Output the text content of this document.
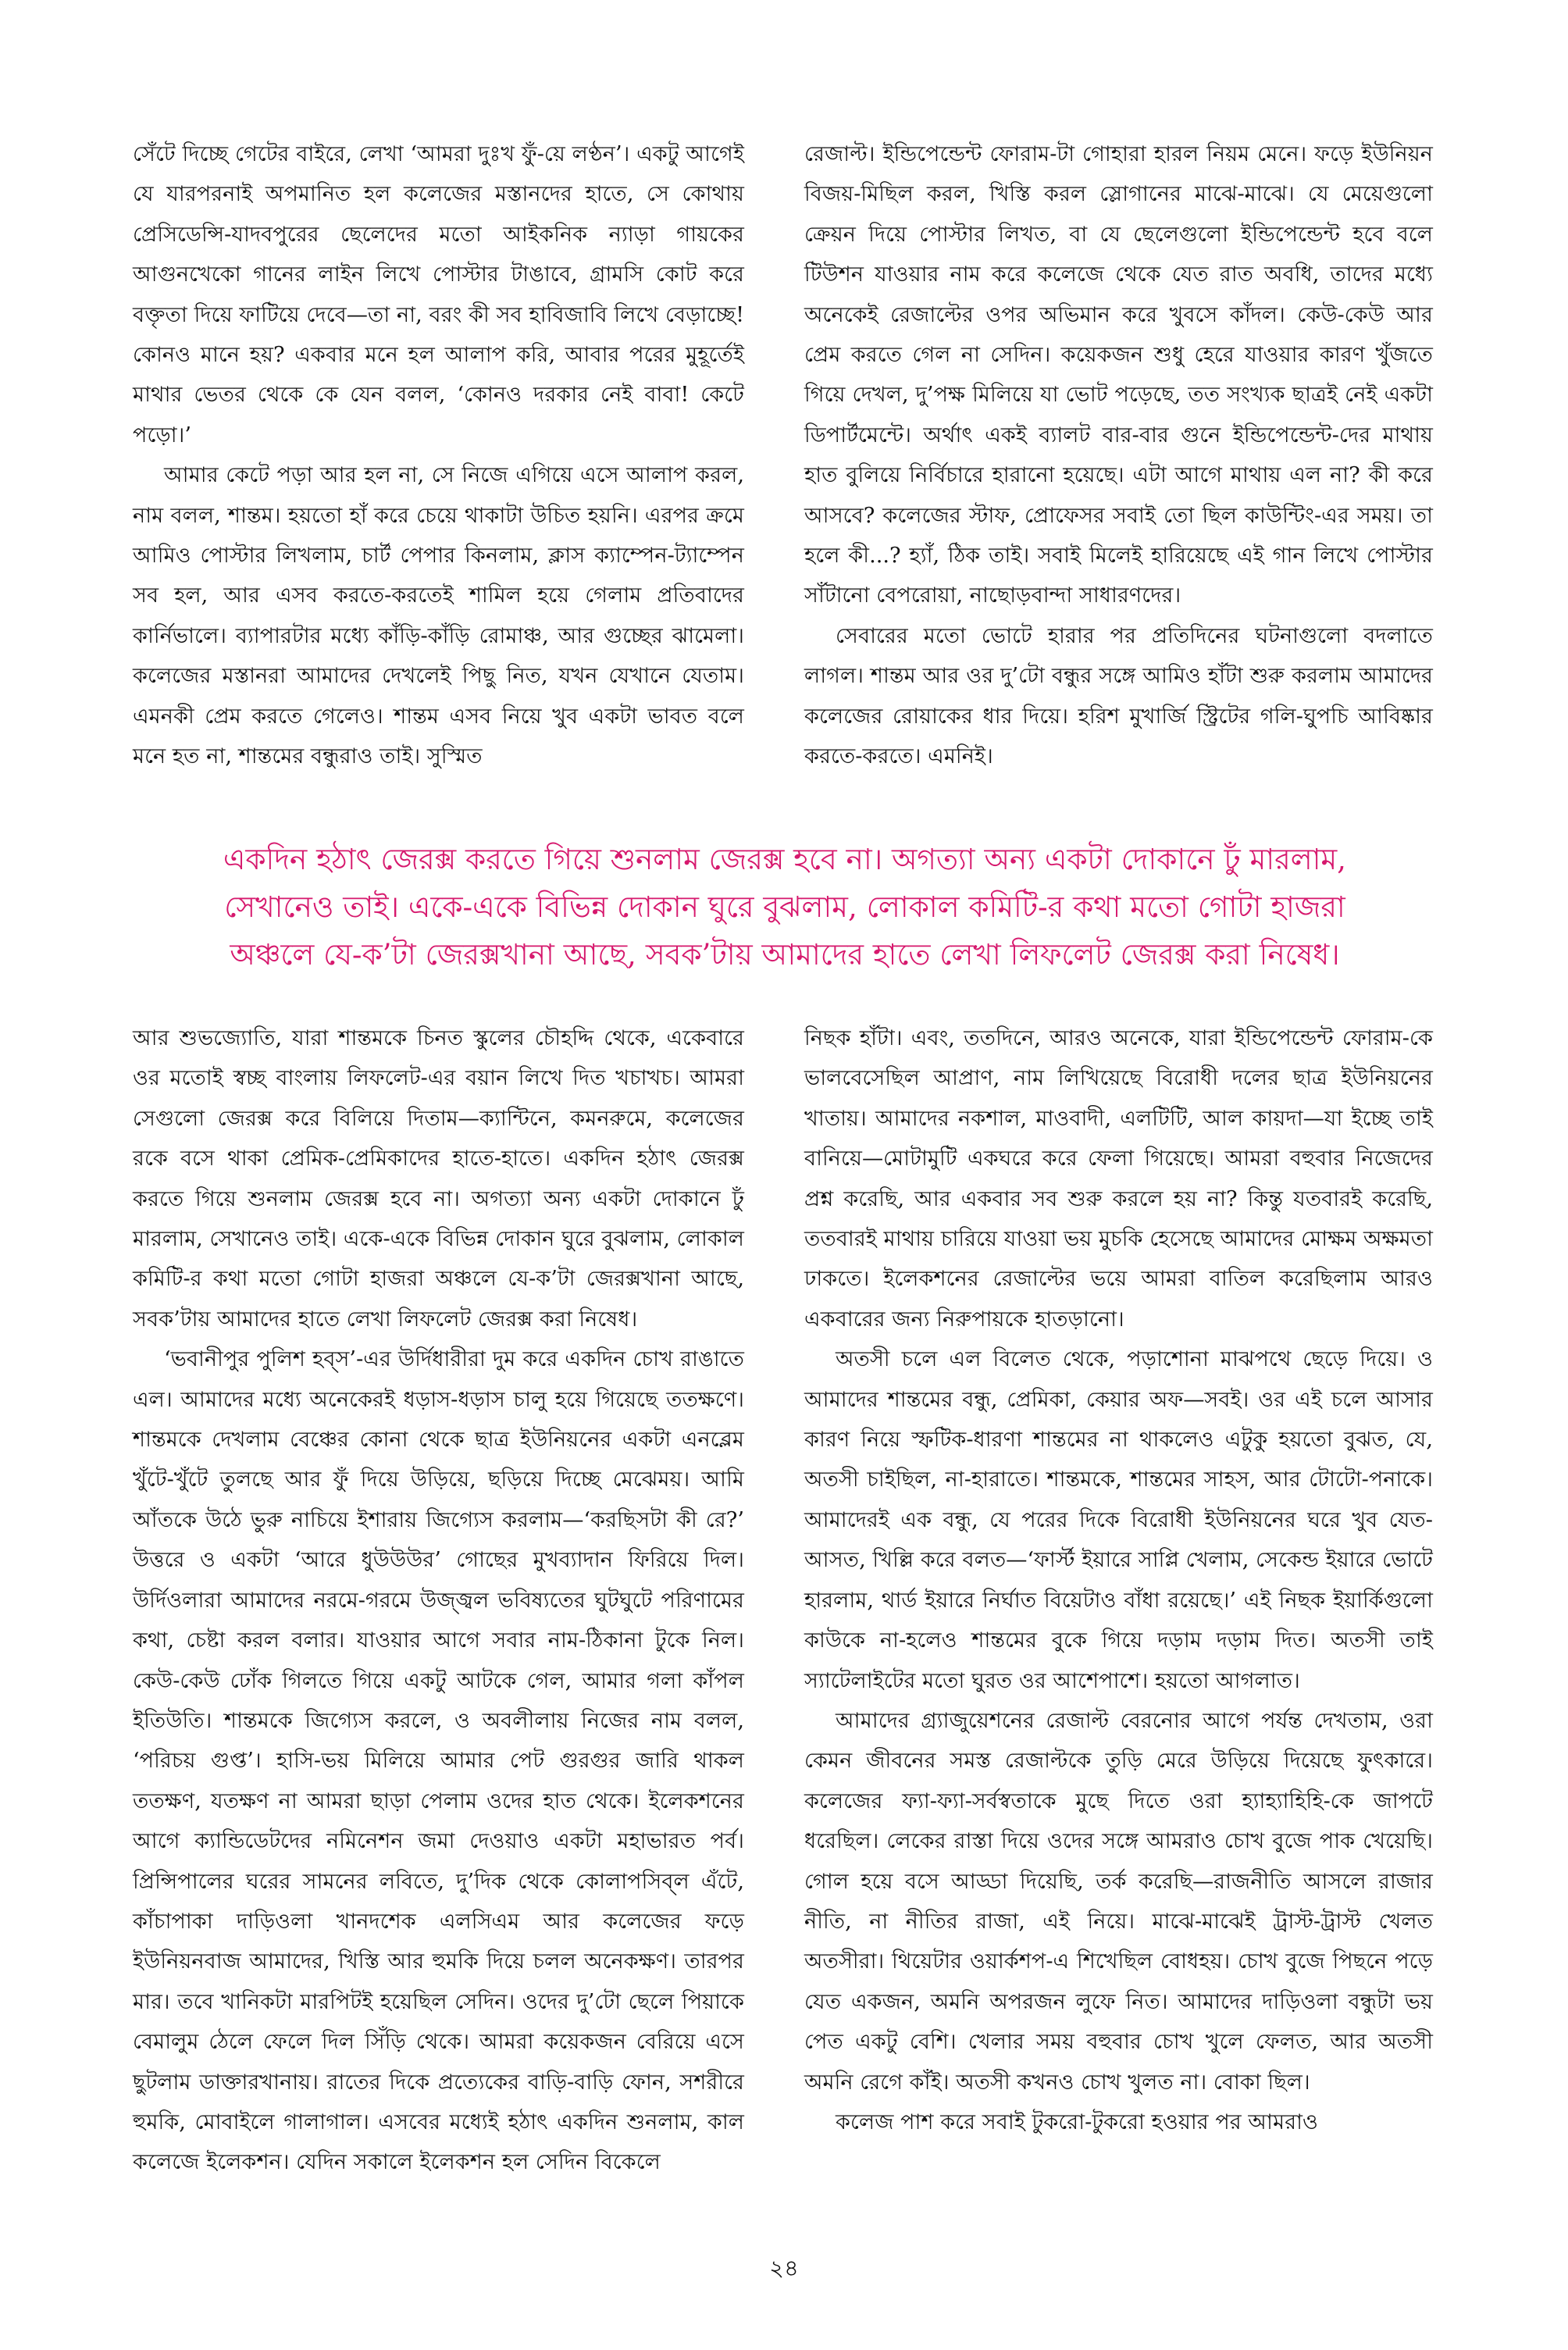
সেঁটে দিচ্ছে গেটের বাইরে, লেখা ‘আমরা দুঃখ ফুঁ-য়ে লণ্ঠন’। একটু আগেই যে যারপরনাই অপমানিত হল কলেজের মস্তানদের হাতে, সে কোথায় প্রেসিডেন্সি-যাদবপুরের ছেলেদের মতো আইকনিক ন্যাড়া গায়কের আগুনখেকো গানের লাইন লিখে পোস্টার টাঙাবে, গ্রামসি কোট করে বক্তৃতা দিয়ে ফাটিয়ে দেবে—তা না, বরং কী সব হাবিজাবি লিখে বেড়াচ্ছে! কোনও মানে হয়? একবার মনে হল আলাপ করি, আবার পরের মুহূর্তেই মাথার ভেতর থেকে কে যেন বলল, ‘কোনও দরকার নেই বাবা! কেটে পড়ো।’

আমার কেটে পড়া আর হল না, সে নিজে এগিয়ে এসে আলাপ করল, নাম বলল, শান্তম। হয়তো হাঁ করে চেয়ে থাকাটা উচিত হয়নি। এরপর ক্রমে আমিও পোস্টার লিখলাম, চার্ট পেপার কিনলাম, ক্লাস ক্যাম্পেন-ট্যাম্পেন সব হল, আর এসব করতে-করতেই শামিল হয়ে গেলাম প্রতিবাদের কার্নিভালে। ব্যাপারটার মধ্যে কাঁড়ি-কাঁড়ি রোমাঞ্চ, আর গুচ্ছের ঝামেলা। কলেজের মস্তানরা আমাদের দেখলেই পিছু নিত, যখন যেখানে যেতাম। এমনকী প্রেম করতে গেলেও। শান্তম এসব নিয়ে খুব একটা ভাবত বলে মনে হত না, শান্তমের বন্ধুরাও তাই। সুস্মিত

রেজাল্ট। ইন্ডিপেন্ডেন্ট ফোরাম-টা গোহারা হারল নিয়ম মেনে। ফড়ে ইউনিয়ন বিজয়-মিছিল করল, খিস্তি করল স্লোগানের মাঝে-মাঝে। যে মেয়েগুলো ক্রেয়ন দিয়ে পোস্টার লিখত, বা যে ছেলেগুলো ইন্ডিপেন্ডেন্ট হবে বলে টিউশন যাওয়ার নাম করে কলেজে থেকে যেত রাত অবধি, তাদের মধ্যে অনেকেই রেজাল্টের ওপর অভিমান করে খুবসে কাঁদল। কেউ-কেউ আর প্রেম করতে গেল না সেদিন। কয়েকজন শুধু হেরে যাওয়ার কারণ খুঁজতে গিয়ে দেখল, দু’পক্ষ মিলিয়ে যা ভোট পড়েছে, তত সংখ্যক ছাত্রই নেই একটা ডিপার্টমেন্টে। অর্থাৎ একই ব্যালট বার-বার গুনে ইন্ডিপেন্ডেন্ট-দের মাথায় হাত বুলিয়ে নির্বিচারে হারানো হয়েছে। এটা আগে মাথায় এল না? কী করে আসবে? কলেজের স্টাফ, প্রোফেসর সবাই তো ছিল কাউন্টিং-এর সময়। তা হলে কী...? হ্যাঁ, ঠিক তাই। সবাই মিলেই হারিয়েছে এই গান লিখে পোস্টার সাঁটানো বেপরোয়া, নাছোড়বান্দা সাধারণদের।

সেবারের মতো ভোটে হারার পর প্রতিদিনের ঘটনাগুলো বদলাতে লাগল। শান্তম আর ওর দু’টো বন্ধুর সঙ্গে আমিও হাঁটা শুরু করলাম আমাদের কলেজের রোয়াকের ধার দিয়ে। হরিশ মুখার্জি স্ট্রিটের গলি-ঘুপচি আবিষ্কার করতে-করতে। এমনিই।

একদিন হঠাৎ জেরক্স করতে গিয়ে শুনলাম জেরক্স হবে না। অগত্যা অন্য একটা দোকানে ঢুঁ মারলাম,

সেখানেও তাই। একে-একে বিভিন্ন দোকান ঘুরে বুঝলাম, লোকাল কমিটি-র কথা মতো গোটা হাজরা

অঞ্চলে যে-ক’টা জেরক্সখানা আছে, সবক’টায় আমাদের হাতে লেখা লিফলেট জেরক্স করা নিষেধ।

আর শুভজ্যোতি, যারা শান্তমকে চিনত স্কুলের চৌহদ্দি থেকে, একেবারে ওর মতোই স্বচ্ছ বাংলায় লিফলেট-এর বয়ান লিখে দিত খচাখচ। আমরা সেগুলো জেরক্স করে বিলিয়ে দিতাম—ক্যান্টিনে, কমনরুমে, কলেজের রকে বসে থাকা প্রেমিক-প্রেমিকাদের হাতে-হাতে। একদিন হঠাৎ জেরক্স করতে গিয়ে শুনলাম জেরক্স হবে না। অগত্যা অন্য একটা দোকানে ঢুঁ মারলাম, সেখানেও তাই। একে-একে বিভিন্ন দোকান ঘুরে বুঝলাম, লোকাল কমিটি-র কথা মতো গোটা হাজরা অঞ্চলে যে-ক’টা জেরক্সখানা আছে, সবক’টায় আমাদের হাতে লেখা লিফলেট জেরক্স করা নিষেধ।

‘ভবানীপুর পুলিশ হব্‌স’-এর উর্দিধারীরা দুম করে একদিন চোখ রাঙাতে এল। আমাদের মধ্যে অনেকেরই ধড়াস-ধড়াস চালু হয়ে গিয়েছে ততক্ষণে। শান্তমকে দেখলাম বেঞ্চের কোনা থেকে ছাত্র ইউনিয়নের একটা এনব্লেম খুঁটে-খুঁটে তুলছে আর ফুঁ দিয়ে উড়িয়ে, ছড়িয়ে দিচ্ছে মেঝেময়। আমি আঁতকে উঠে ভুরু নাচিয়ে ইশারায় জিগ্যেস করলাম—‘করছিসটা কী রে?’ উত্তরে ও একটা ‘আরে ধুউউউর’ গোছের মুখব্যাদান ফিরিয়ে দিল। উর্দিওলারা আমাদের নরমে-গরমে উজ্জ্বল ভবিষ্যতের ঘুটঘুটে পরিণামের কথা, চেষ্টা করল বলার। যাওয়ার আগে সবার নাম-ঠিকানা টুকে নিল। কেউ-কেউ ঢোঁক গিলতে গিয়ে একটু আটকে গেল, আমার গলা কাঁপল ইতিউতি। শান্তমকে জিগ্যেস করলে, ও অবলীলায় নিজের নাম বলল, ‘পরিচয় গুপ্ত’। হাসি-ভয় মিলিয়ে আমার পেট গুরগুর জারি থাকল ততক্ষণ, যতক্ষণ না আমরা ছাড়া পেলাম ওদের হাত থেকে। ইলেকশনের আগে ক্যান্ডিডেটদের নমিনেশন জমা দেওয়াও একটা মহাভারত পর্ব। প্রিন্সিপালের ঘরের সামনের লবিতে, দু’দিক থেকে কোলাপসিব্‌ল এঁটে, কাঁচাপাকা দাড়িওলা খানদশেক এলসিএম আর কলেজের ফড়ে ইউনিয়নবাজ আমাদের, খিস্তি আর হুমকি দিয়ে চলল অনেকক্ষণ। তারপর মার। তবে খানিকটা মারপিটই হয়েছিল সেদিন। ওদের দু’টো ছেলে পিয়াকে বেমালুম ঠেলে ফেলে দিল সিঁড়ি থেকে। আমরা কয়েকজন বেরিয়ে এসে ছুটলাম ডাক্তারখানায়। রাতের দিকে প্রত্যেকের বাড়ি-বাড়ি ফোন, সশরীরে হুমকি, মোবাইলে গালাগাল। এসবের মধ্যেই হঠাৎ একদিন শুনলাম, কাল কলেজে ইলেকশন। যেদিন সকালে ইলেকশন হল সেদিন বিকেলে

নিছক হাঁটা। এবং, ততদিনে, আরও অনেকে, যারা ইন্ডিপেন্ডেন্ট ফোরাম-কে ভালবেসেছিল আপ্রাণ, নাম লিখিয়েছে বিরোধী দলের ছাত্র ইউনিয়নের খাতায়। আমাদের নকশাল, মাওবাদী, এলটিটি, আল কায়দা—যা ইচ্ছে তাই বানিয়ে—মোটামুটি একঘরে করে ফেলা গিয়েছে। আমরা বহুবার নিজেদের প্রশ্ন করেছি, আর একবার সব শুরু করলে হয় না? কিন্তু যতবারই করেছি, ততবারই মাথায় চারিয়ে যাওয়া ভয় মুচকি হেসেছে আমাদের মোক্ষম অক্ষমতা ঢাকতে। ইলেকশনের রেজাল্টের ভয়ে আমরা বাতিল করেছিলাম আরও একবারের জন্য নিরুপায়কে হাতড়ানো।

অতসী চলে এল বিলেত থেকে, পড়াশোনা মাঝপথে ছেড়ে দিয়ে। ও আমাদের শান্তমের বন্ধু, প্রেমিকা, কেয়ার অফ—সবই। ওর এই চলে আসার কারণ নিয়ে স্ফটিক-ধারণা শান্তমের না থাকলেও এটুকু হয়তো বুঝত, যে, অতসী চাইছিল, না-হারাতে। শান্তমকে, শান্তমের সাহস, আর টোটো-পনাকে। আমাদেরই এক বন্ধু, যে পরের দিকে বিরোধী ইউনিয়নের ঘরে খুব যেত-আসত, খিল্লি করে বলত—‘ফার্স্ট ইয়ারে সাপ্লি খেলাম, সেকেন্ড ইয়ারে ভোটে হারলাম, থার্ড ইয়ারে নির্ঘাত বিয়েটাও বাঁধা রয়েছে।’ এই নিছক ইয়ার্কিগুলো কাউকে না-হলেও শান্তমের বুকে গিয়ে দড়াম দড়াম দিত। অতসী তাই স্যাটেলাইটের মতো ঘুরত ওর আশেপাশে। হয়তো আগলাত।

আমাদের গ্র্যাজুয়েশনের রেজাল্ট বেরনোর আগে পর্যন্ত দেখতাম, ওরা কেমন জীবনের সমস্ত রেজাল্টকে তুড়ি মেরে উড়িয়ে দিয়েছে ফুৎকারে। কলেজের ফ্যা-ফ্যা-সর্বস্বতাকে মুছে দিতে ওরা হ্যাহ্যাহিহি-কে জাপটে ধরেছিল। লেকের রাস্তা দিয়ে ওদের সঙ্গে আমরাও চোখ বুজে পাক খেয়েছি। গোল হয়ে বসে আড্ডা দিয়েছি, তর্ক করেছি—রাজনীতি আসলে রাজার নীতি, না নীতির রাজা, এই নিয়ে। মাঝে-মাঝেই ট্রাস্ট-ট্রাস্ট খেলত অতসীরা। থিয়েটার ওয়ার্কশপ-এ শিখেছিল বোধহয়। চোখ বুজে পিছনে পড়ে যেত একজন, অমনি অপরজন লুফে নিত। আমাদের দাড়িওলা বন্ধুটা ভয় পেত একটু বেশি। খেলার সময় বহুবার চোখ খুলে ফেলত, আর অতসী অমনি রেগে কাঁই। অতসী কখনও চোখ খুলত না। বোকা ছিল।

কলেজ পাশ করে সবাই টুকরো-টুকরো হওয়ার পর আমরাও

২৪
